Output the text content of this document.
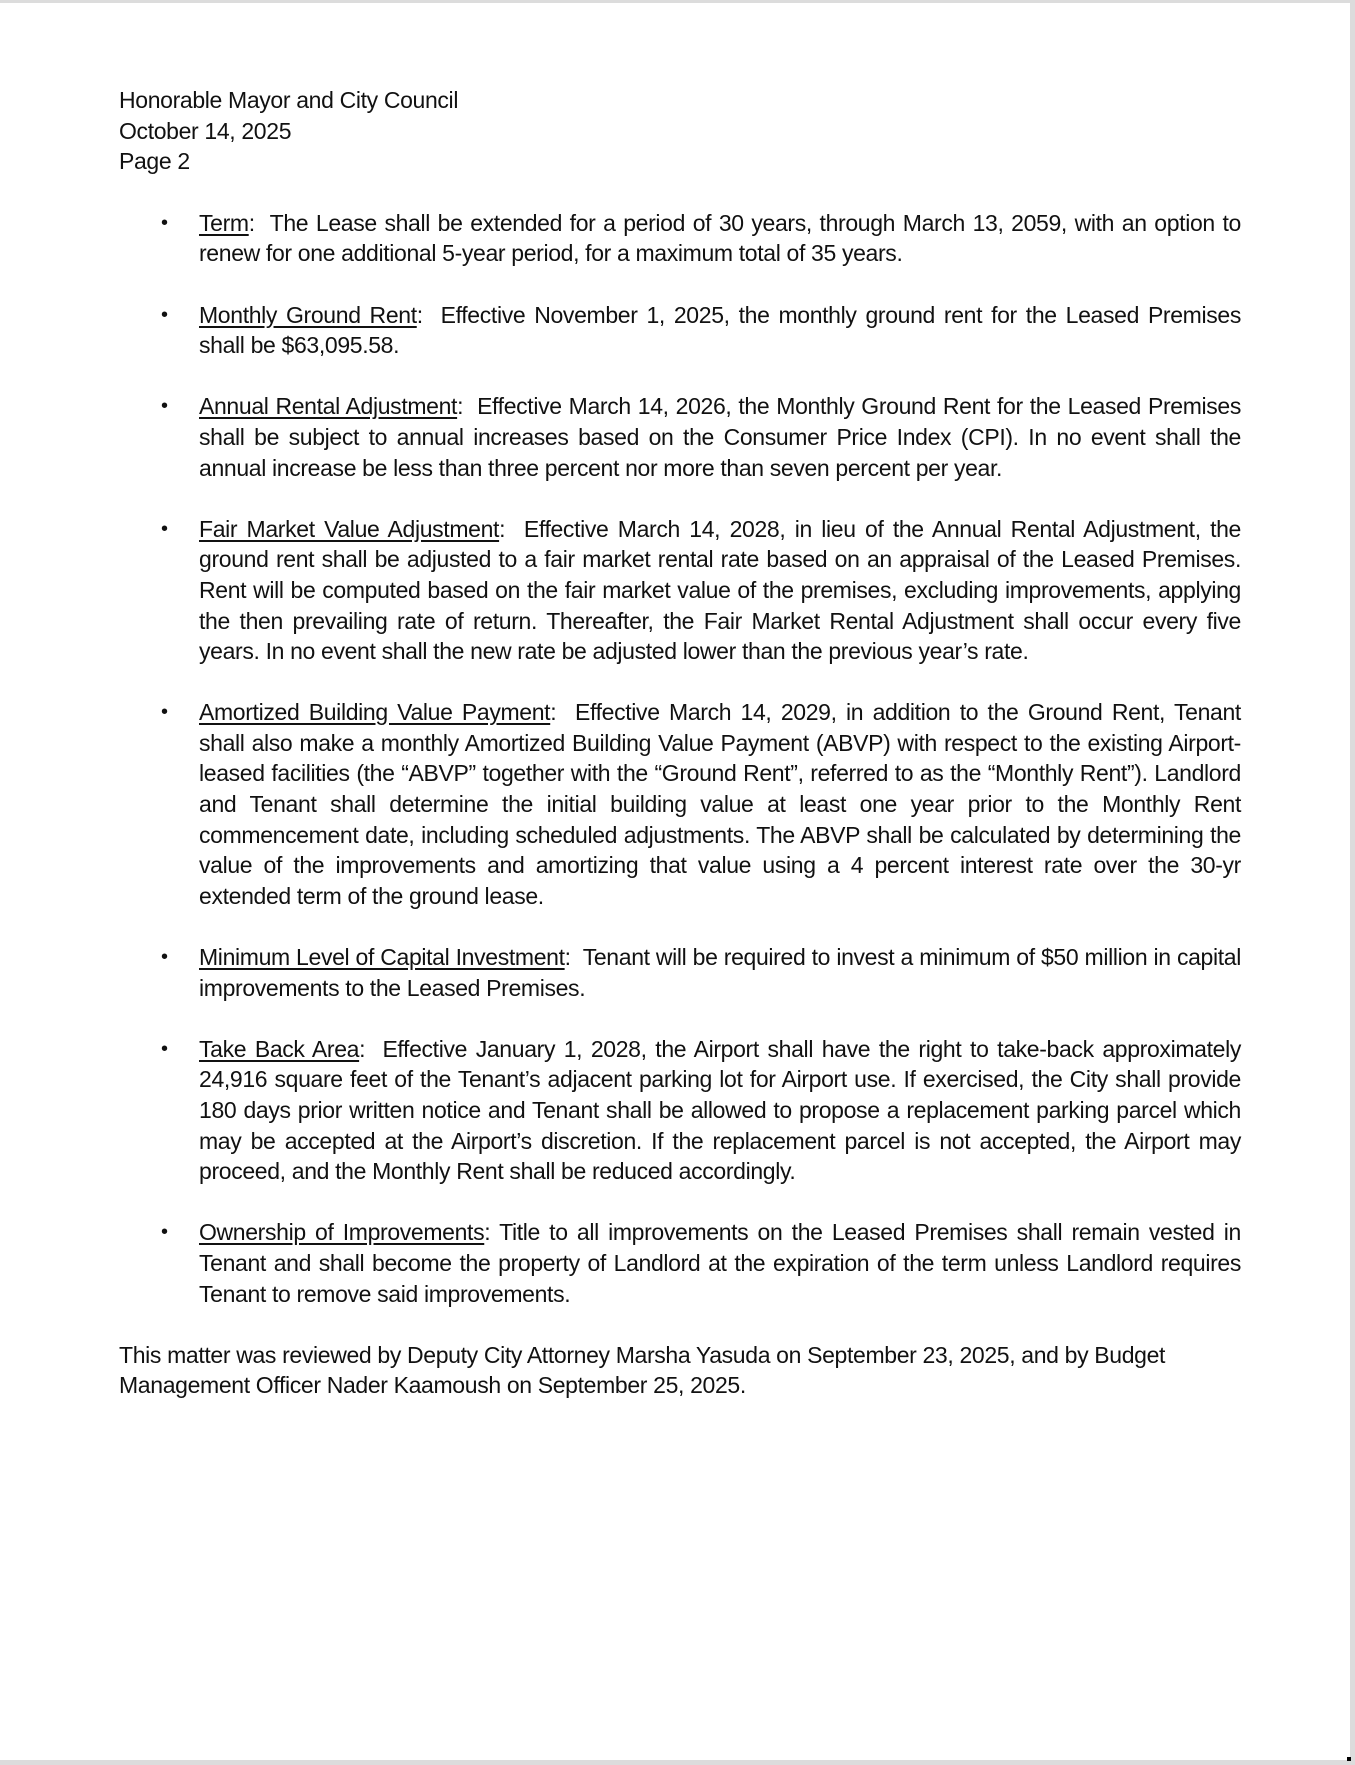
Honorable Mayor and City Council
October 14, 2025
Page 2
• Term:  The Lease shall be extended for a period of 30 years, through March 13, 2059, with an option to renew for one additional 5-year period, for a maximum total of 35 years.
• Monthly Ground Rent:  Effective November 1, 2025, the monthly ground rent for the Leased Premises shall be $63,095.58.
• Annual Rental Adjustment:  Effective March 14, 2026, the Monthly Ground Rent for the Leased Premises shall be subject to annual increases based on the Consumer Price Index (CPI). In no event shall the annual increase be less than three percent nor more than seven percent per year.
• Fair Market Value Adjustment:  Effective March 14, 2028, in lieu of the Annual Rental Adjustment, the ground rent shall be adjusted to a fair market rental rate based on an appraisal of the Leased Premises. Rent will be computed based on the fair market value of the premises, excluding improvements, applying the then prevailing rate of return. Thereafter, the Fair Market Rental Adjustment shall occur every five years. In no event shall the new rate be adjusted lower than the previous year’s rate.
• Amortized Building Value Payment:  Effective March 14, 2029, in addition to the Ground Rent, Tenant shall also make a monthly Amortized Building Value Payment (ABVP) with respect to the existing Airport-leased facilities (the “ABVP” together with the “Ground Rent”, referred to as the “Monthly Rent”). Landlord and Tenant shall determine the initial building value at least one year prior to the Monthly Rent commencement date, including scheduled adjustments. The ABVP shall be calculated by determining the value of the improvements and amortizing that value using a 4 percent interest rate over the 30-yr extended term of the ground lease.
• Minimum Level of Capital Investment:  Tenant will be required to invest a minimum of $50 million in capital improvements to the Leased Premises.
• Take Back Area:  Effective January 1, 2028, the Airport shall have the right to take-back approximately 24,916 square feet of the Tenant’s adjacent parking lot for Airport use. If exercised, the City shall provide 180 days prior written notice and Tenant shall be allowed to propose a replacement parking parcel which may be accepted at the Airport’s discretion. If the replacement parcel is not accepted, the Airport may proceed, and the Monthly Rent shall be reduced accordingly.
• Ownership of Improvements: Title to all improvements on the Leased Premises shall remain vested in Tenant and shall become the property of Landlord at the expiration of the term unless Landlord requires Tenant to remove said improvements.

This matter was reviewed by Deputy City Attorney Marsha Yasuda on September 23, 2025, and by Budget Management Officer Nader Kaamoush on September 25, 2025.
